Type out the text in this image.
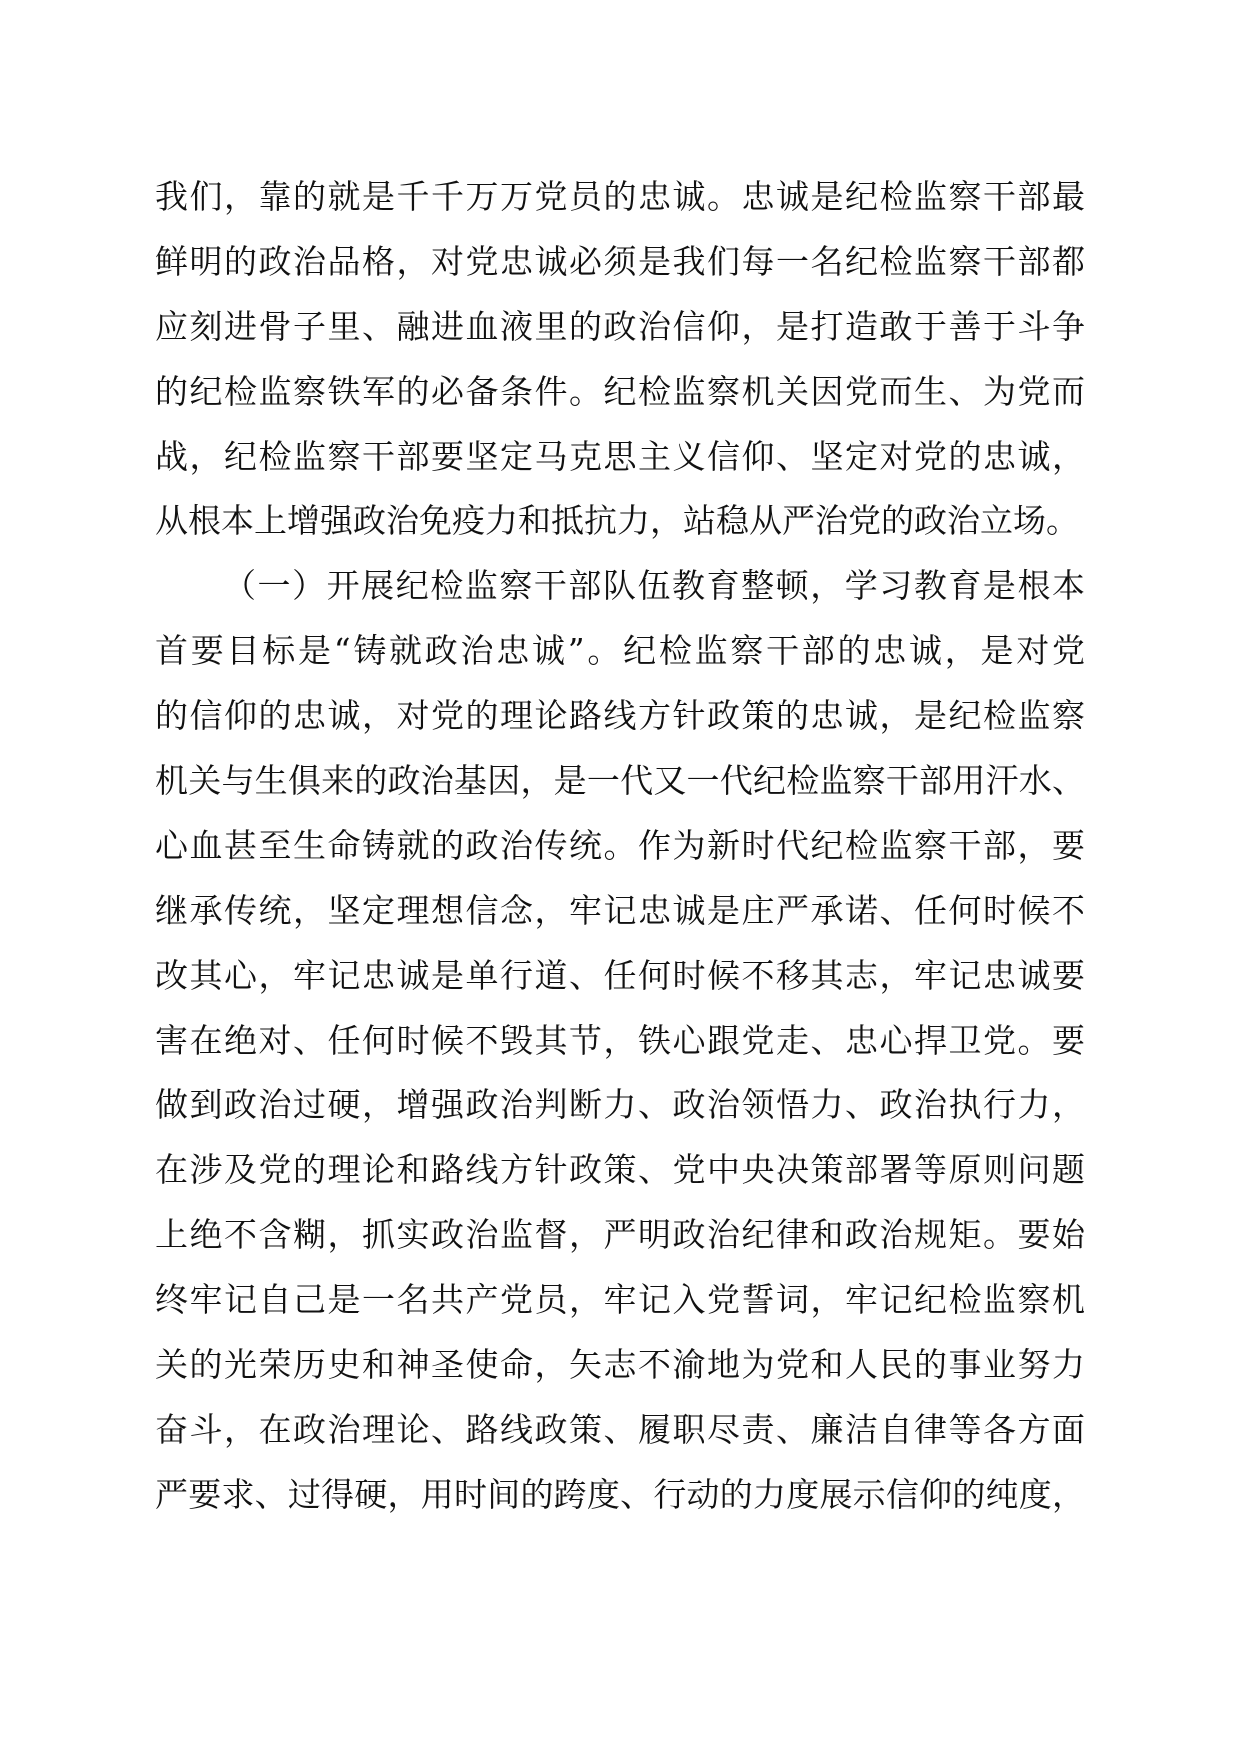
我们，靠的就是千千万万党员的忠诚。忠诚是纪检监察干部最
鲜明的政治品格，对党忠诚必须是我们每一名纪检监察干部都
应刻进骨子里、融进血液里的政治信仰，是打造敢于善于斗争
的纪检监察铁军的必备条件。纪检监察机关因党而生、为党而
战，纪检监察干部要坚定马克思主义信仰、坚定对党的忠诚，
从根本上增强政治免疫力和抵抗力，站稳从严治党的政治立场。
（一）开展纪检监察干部队伍教育整顿，学习教育是根本
首要目标是“铸就政治忠诚”。纪检监察干部的忠诚，是对党
的信仰的忠诚，对党的理论路线方针政策的忠诚，是纪检监察
机关与生俱来的政治基因，是一代又一代纪检监察干部用汗水、
心血甚至生命铸就的政治传统。作为新时代纪检监察干部，要
继承传统，坚定理想信念，牢记忠诚是庄严承诺、任何时候不
改其心，牢记忠诚是单行道、任何时候不移其志，牢记忠诚要
害在绝对、任何时候不毁其节，铁心跟党走、忠心捍卫党。要
做到政治过硬，增强政治判断力、政治领悟力、政治执行力，
在涉及党的理论和路线方针政策、党中央决策部署等原则问题
上绝不含糊，抓实政治监督，严明政治纪律和政治规矩。要始
终牢记自己是一名共产党员，牢记入党誓词，牢记纪检监察机
关的光荣历史和神圣使命，矢志不渝地为党和人民的事业努力
奋斗，在政治理论、路线政策、履职尽责、廉洁自律等各方面
严要求、过得硬，用时间的跨度、行动的力度展示信仰的纯度，
